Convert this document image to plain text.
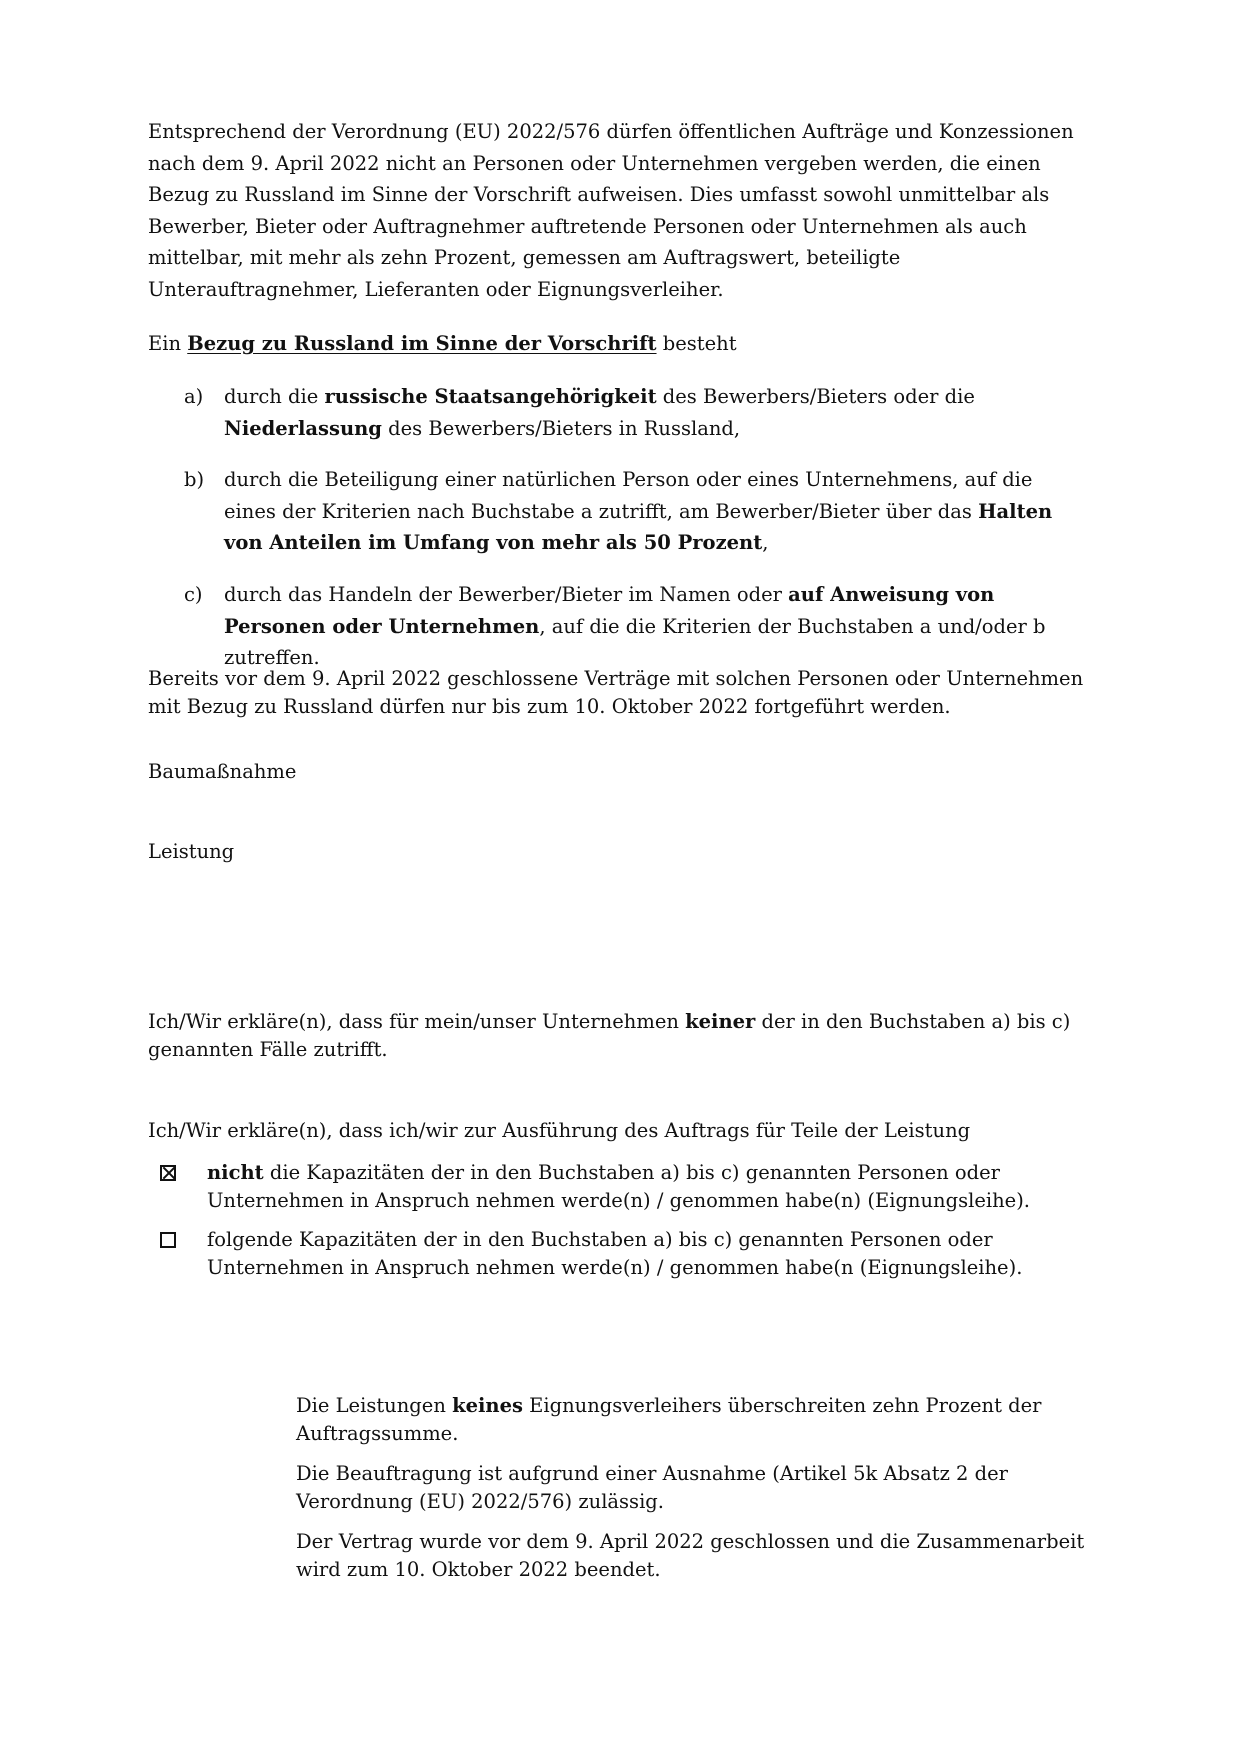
Entsprechend der Verordnung (EU) 2022/576 dürfen öffentlichen Aufträge und Konzessionen nach dem 9. April 2022 nicht an Personen oder Unternehmen vergeben werden, die einen Bezug zu Russland im Sinne der Vorschrift aufweisen. Dies umfasst sowohl unmittelbar als Bewerber, Bieter oder Auftragnehmer auftretende Personen oder Unternehmen als auch mittelbar, mit mehr als zehn Prozent, gemessen am Auftragswert, beteiligte Unterauftragnehmer, Lieferanten oder Eignungsverleiher.

Ein Bezug zu Russland im Sinne der Vorschrift besteht

a)	durch die russische Staatsangehörigkeit des Bewerbers/Bieters oder die Niederlassung des Bewerbers/Bieters in Russland,
b)	durch die Beteiligung einer natürlichen Person oder eines Unternehmens, auf die eines der Kriterien nach Buchstabe a zutrifft, am Bewerber/Bieter über das Halten von Anteilen im Umfang von mehr als 50 Prozent,
c)	durch das Handeln der Bewerber/Bieter im Namen oder auf Anweisung von Personen oder Unternehmen, auf die die Kriterien der Buchstaben a und/oder b zutreffen.

Bereits vor dem 9. April 2022 geschlossene Verträge mit solchen Personen oder Unternehmen mit Bezug zu Russland dürfen nur bis zum 10. Oktober 2022 fortgeführt werden.

Baumaßnahme

Leistung

Ich/Wir erkläre(n), dass für mein/unser Unternehmen keiner der in den Buchstaben a) bis c) genannten Fälle zutrifft.

Ich/Wir erkläre(n), dass ich/wir zur Ausführung des Auftrags für Teile der Leistung

nicht die Kapazitäten der in den Buchstaben a) bis c) genannten Personen oder Unternehmen in Anspruch nehmen werde(n) / genommen habe(n) (Eignungsleihe).
folgende Kapazitäten der in den Buchstaben a) bis c) genannten Personen oder Unternehmen in Anspruch nehmen werde(n) / genommen habe(n (Eignungsleihe).

Die Leistungen keines Eignungsverleihers überschreiten zehn Prozent der Auftragssumme.

Die Beauftragung ist aufgrund einer Ausnahme (Artikel 5k Absatz 2 der Verordnung (EU) 2022/576) zulässig.

Der Vertrag wurde vor dem 9. April 2022 geschlossen und die Zusammenarbeit wird zum 10. Oktober 2022 beendet.
